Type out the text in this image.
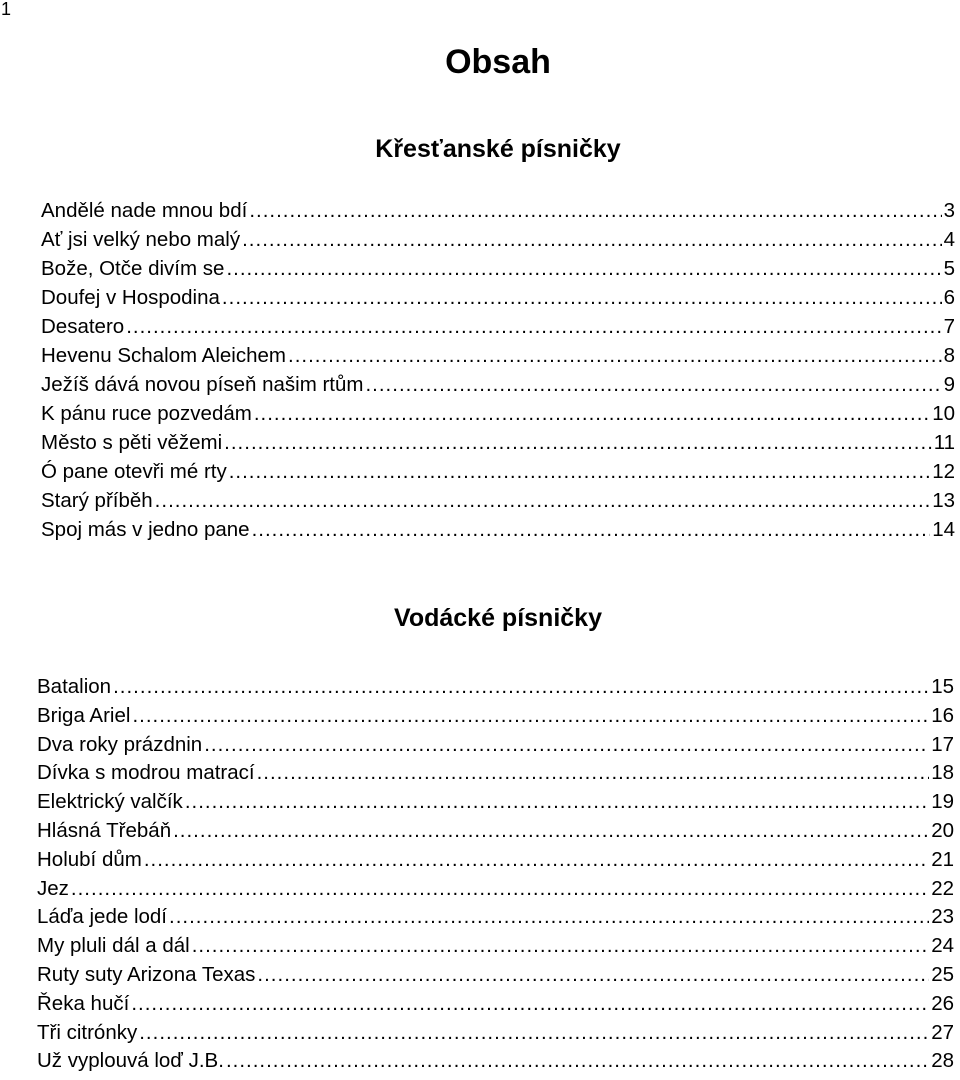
1
Obsah
Křesťanské písničky
Andělé nade mnou bdí .....	3
Ať jsi velký nebo malý .....	4
Bože, Otče divím se .....	5
Doufej v Hospodina .....	6
Desatero .....	7
Hevenu Schalom Aleichem .....	8
Ježíš dává novou píseň našim rtům .....	9
K pánu ruce pozvedám .....	10
Město s pěti věžemi .....	11
Ó pane otevři mé rty .....	12
Starý příběh .....	13
Spoj más v jedno pane .....	14
Vodácké písničky
Batalion .....	15
Briga Ariel .....	16
Dva roky prázdnin .....	17
Dívka s modrou matrací .....	18
Elektrický valčík .....	19
Hlásná Třebáň .....	20
Holubí dům .....	21
Jez .....	22
Láďa jede lodí .....	23
My pluli dál a dál .....	24
Ruty suty Arizona Texas .....	25
Řeka hučí .....	26
Tři citrónky .....	27
Už vyplouvá loď J.B. .....	28
